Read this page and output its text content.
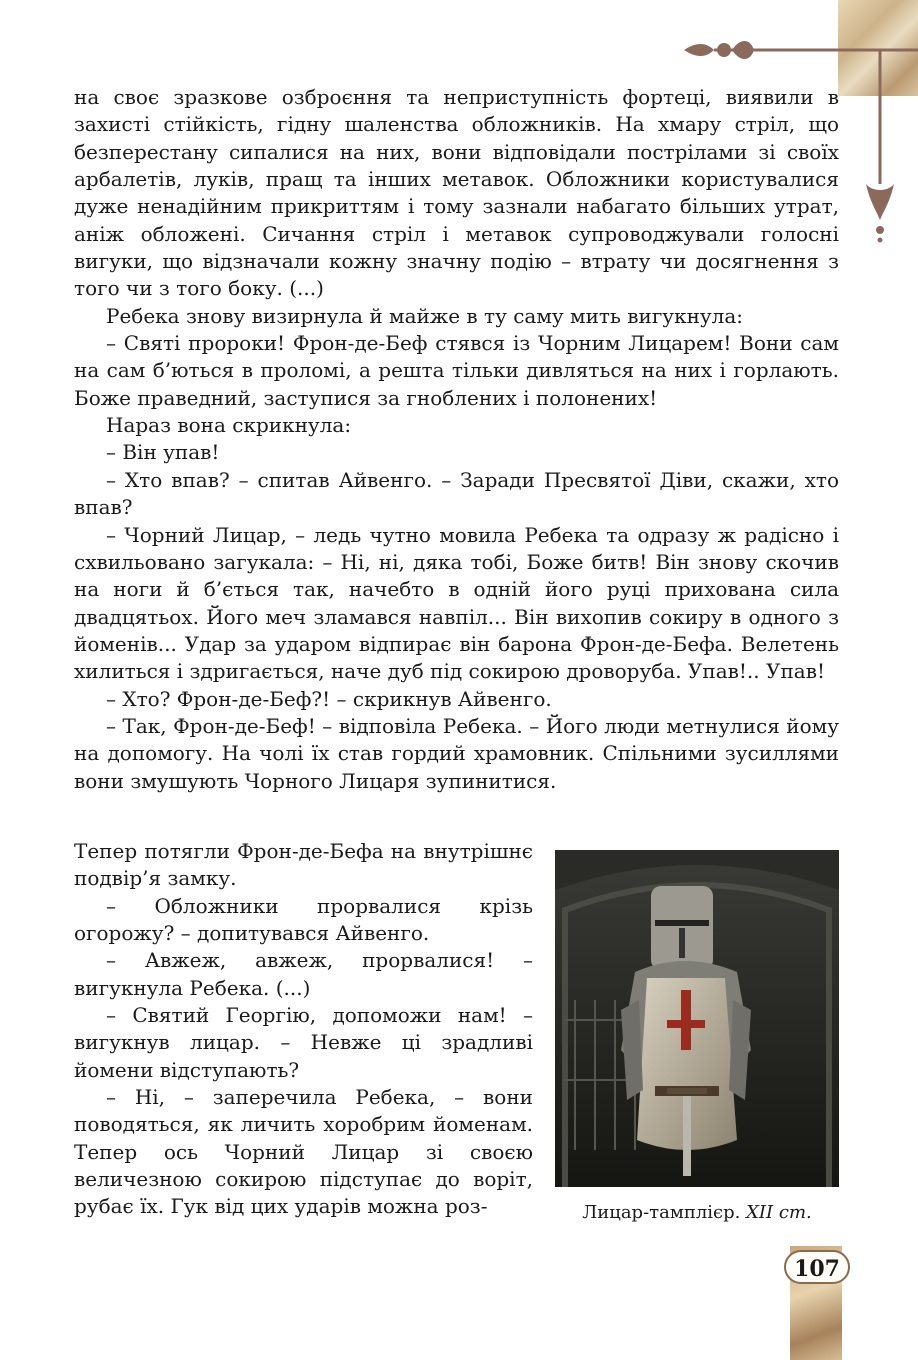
на своє зразкове озброєння та неприступність фортеці, виявили в захисті стійкість, гідну шаленства обложників. На хмару стріл, що безперестану сипалися на них, вони відповідали пострілами зі своїх арбалетів, луків, пращ та інших метавок. Обложники користувалися дуже ненадійним прикриттям і тому зазнали набагато більших утрат, аніж обложені. Сичання стріл і метавок супроводжували голосні вигуки, що відзначали кожну значну подію – втрату чи досягнення з того чи з того боку. (...)

Ребека знову визирнула й майже в ту саму мить вигукнула:

– Святі пророки! Фрон-де-Беф стявся із Чорним Лицарем! Вони сам на сам б’ються в проломі, а решта тільки дивляться на них і горлають. Боже праведний, заступися за гноблених і полонених!

Нараз вона скрикнула:

– Він упав!

– Хто впав? – спитав Айвенго. – Заради Пресвятої Діви, скажи, хто впав?

– Чорний Лицар, – ледь чутно мовила Ребека та одразу ж радісно і схвильовано загукала: – Ні, ні, дяка тобі, Боже битв! Він знову скочив на ноги й б’ється так, начебто в одній його руці прихована сила двадцятьох. Його меч зламався навпіл... Він вихопив сокиру в одного з йоменів... Удар за ударом відпирає він барона Фрон-де-Бефа. Велетень хилиться і здригається, наче дуб під сокирою дроворуба. Упав!.. Упав!

– Хто? Фрон-де-Беф?! – скрикнув Айвенго.

– Так, Фрон-де-Беф! – відповіла Ребека. – Його люди метнулися йому на допомогу. На чолі їх став гордий храмовник. Спільними зусиллями вони змушують Чорного Лицаря зупинитися.

Тепер потягли Фрон-де-Бефа на внутрішнє подвір’я замку.

– Обложники прорвалися крізь огорожу? – допитувався Айвенго.

– Авжеж, авжеж, прорвалися! – вигукнула Ребека. (...)

– Святий Георгію, допоможи нам! – вигукнув лицар. – Невже ці зрадливі йомени відступають?

– Ні, – заперечила Ребека, – вони поводяться, як личить хоробрим йоменам. Тепер ось Чорний Лицар зі своєю величезною сокирою підступає до воріт, рубає їх. Гук від цих ударів можна роз-	Лицар-тамплієр. XII ст.
107
